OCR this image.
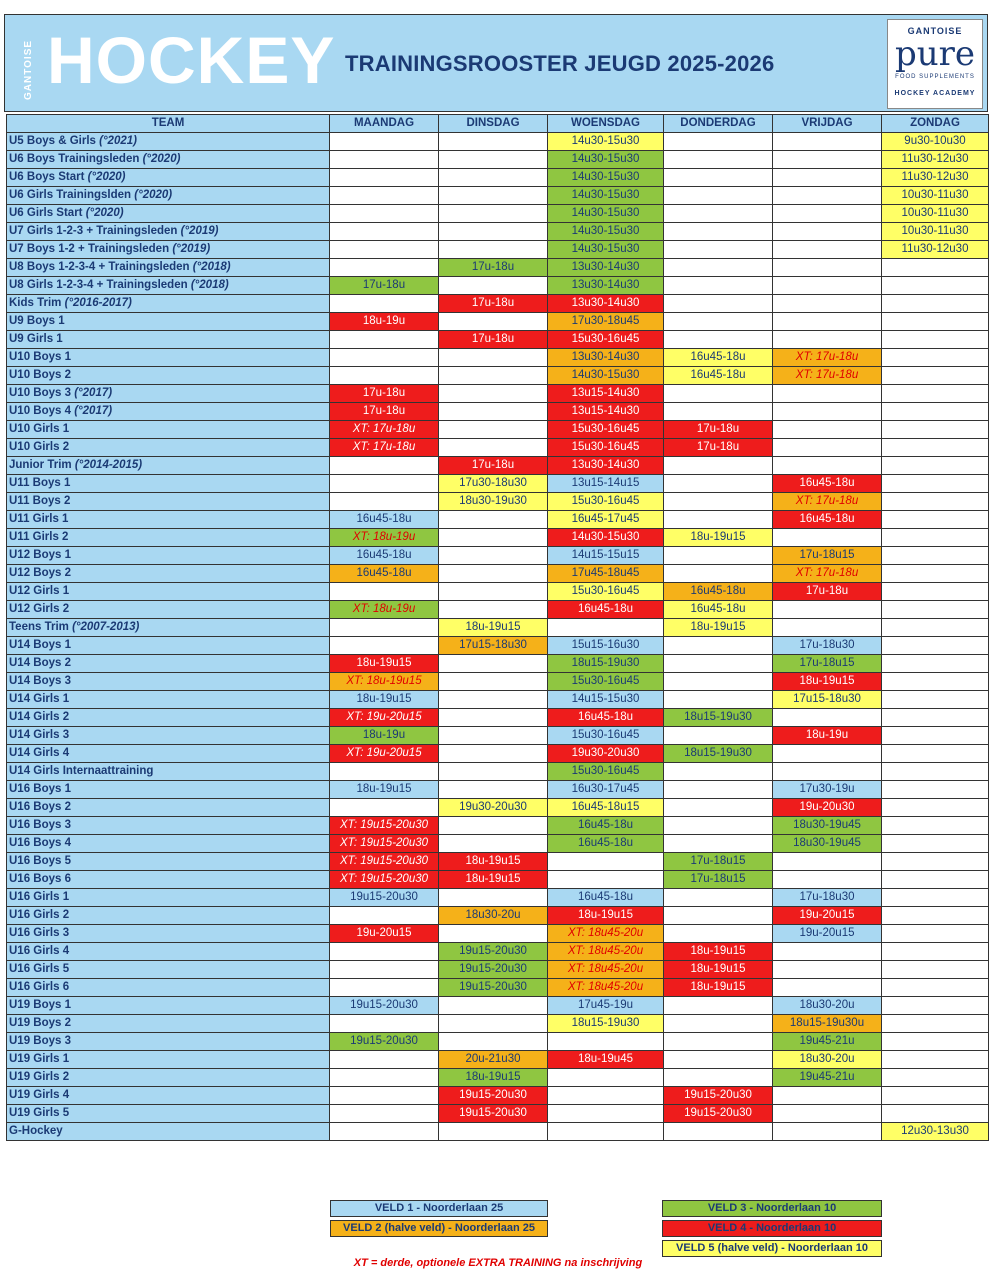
GANTOISE HOCKEY TRAININGSROOSTER JEUGD 2025-2026
GANTOISE
pure
FOOD SUPPLEMENTS
HOCKEY ACADEMY
TEAM	MAANDAG	DINSDAG	WOENSDAG	DONDERDAG	VRIJDAG	ZONDAG
U5 Boys & Girls (°2021)			14u30-15u30			9u30-10u30
U6 Boys Trainingsleden (°2020)			14u30-15u30			11u30-12u30
U6 Boys Start (°2020)			14u30-15u30			11u30-12u30
U6 Girls Trainingslden (°2020)			14u30-15u30			10u30-11u30
U6 Girls Start (°2020)			14u30-15u30			10u30-11u30
U7 Girls 1-2-3 + Trainingsleden (°2019)			14u30-15u30			10u30-11u30
U7 Boys 1-2 + Trainingsleden (°2019)			14u30-15u30			11u30-12u30
U8 Boys 1-2-3-4 + Trainingsleden (°2018)		17u-18u	13u30-14u30			
U8 Girls 1-2-3-4 + Trainingsleden (°2018)	17u-18u		13u30-14u30			
Kids Trim (°2016-2017)		17u-18u	13u30-14u30			
U9 Boys 1	18u-19u		17u30-18u45			
U9 Girls 1		17u-18u	15u30-16u45			
U10 Boys 1			13u30-14u30	16u45-18u	XT: 17u-18u	
U10 Boys 2			14u30-15u30	16u45-18u	XT: 17u-18u	
U10 Boys 3 (°2017)	17u-18u		13u15-14u30			
U10 Boys 4 (°2017)	17u-18u		13u15-14u30			
U10 Girls 1	XT: 17u-18u		15u30-16u45	17u-18u		
U10 Girls 2	XT: 17u-18u		15u30-16u45	17u-18u		
Junior Trim (°2014-2015)		17u-18u	13u30-14u30			
U11 Boys 1		17u30-18u30	13u15-14u15		16u45-18u	
U11 Boys 2		18u30-19u30	15u30-16u45		XT: 17u-18u	
U11 Girls 1	16u45-18u		16u45-17u45		16u45-18u	
U11 Girls 2	XT: 18u-19u		14u30-15u30	18u-19u15		
U12 Boys 1	16u45-18u		14u15-15u15		17u-18u15	
U12 Boys 2	16u45-18u		17u45-18u45		XT: 17u-18u	
U12 Girls 1			15u30-16u45	16u45-18u	17u-18u	
U12 Girls 2	XT: 18u-19u		16u45-18u	16u45-18u		
Teens Trim (°2007-2013)		18u-19u15		18u-19u15		
U14 Boys 1		17u15-18u30	15u15-16u30		17u-18u30	
U14 Boys 2	18u-19u15		18u15-19u30		17u-18u15	
U14 Boys 3	XT: 18u-19u15		15u30-16u45		18u-19u15	
U14 Girls 1	18u-19u15		14u15-15u30		17u15-18u30	
U14 Girls 2	XT: 19u-20u15		16u45-18u	18u15-19u30		
U14 Girls 3	18u-19u		15u30-16u45		18u-19u	
U14 Girls 4	XT: 19u-20u15		19u30-20u30	18u15-19u30		
U14 Girls Internaattraining			15u30-16u45			
U16 Boys 1	18u-19u15		16u30-17u45		17u30-19u	
U16 Boys 2		19u30-20u30	16u45-18u15		19u-20u30	
U16 Boys 3	XT: 19u15-20u30		16u45-18u		18u30-19u45	
U16 Boys 4	XT: 19u15-20u30		16u45-18u		18u30-19u45	
U16 Boys 5	XT: 19u15-20u30	18u-19u15		17u-18u15		
U16 Boys 6	XT: 19u15-20u30	18u-19u15		17u-18u15		
U16 Girls 1	19u15-20u30		16u45-18u		17u-18u30	
U16 Girls 2		18u30-20u	18u-19u15		19u-20u15	
U16 Girls 3	19u-20u15		XT: 18u45-20u		19u-20u15	
U16 Girls 4		19u15-20u30	XT: 18u45-20u	18u-19u15		
U16 Girls 5		19u15-20u30	XT: 18u45-20u	18u-19u15		
U16 Girls 6		19u15-20u30	XT: 18u45-20u	18u-19u15		
U19 Boys 1	19u15-20u30		17u45-19u		18u30-20u	
U19 Boys 2			18u15-19u30		18u15-19u30u	
U19 Boys 3	19u15-20u30				19u45-21u	
U19 Girls 1		20u-21u30	18u-19u45		18u30-20u	
U19 Girls 2		18u-19u15			19u45-21u	
U19 Girls 4		19u15-20u30		19u15-20u30		
U19 Girls 5		19u15-20u30		19u15-20u30		
G-Hockey						12u30-13u30
XT = derde, optionele EXTRA TRAINING na inschrijving
VELD 1 - Noorderlaan 25
VELD 2 (halve veld) - Noorderlaan 25
VELD 3 - Noorderlaan 10
VELD 4 - Noorderlaan 10
VELD 5 (halve veld) - Noorderlaan 10
